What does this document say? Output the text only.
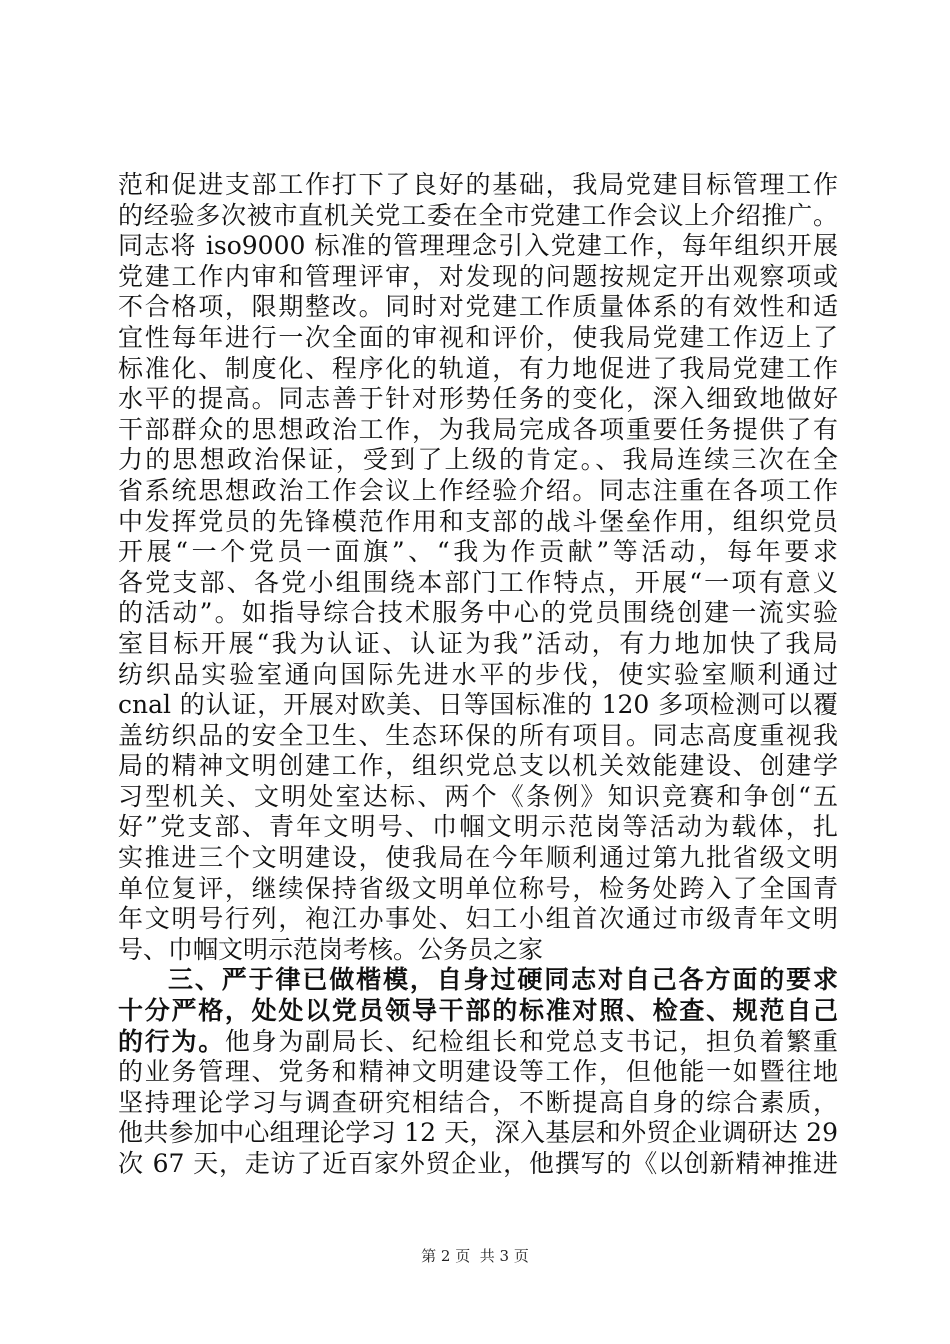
范和促进支部工作打下了良好的基础，我局党建目标管理工作
的经验多次被市直机关党工委在全市党建工作会议上介绍推广。
同志将 iso9000 标准的管理理念引入党建工作，每年组织开展
党建工作内审和管理评审，对发现的问题按规定开出观察项或
不合格项，限期整改。同时对党建工作质量体系的有效性和适
宜性每年进行一次全面的审视和评价，使我局党建工作迈上了
标准化、制度化、程序化的轨道，有力地促进了我局党建工作
水平的提高。同志善于针对形势任务的变化，深入细致地做好
干部群众的思想政治工作，为我局完成各项重要任务提供了有
力的思想政治保证，受到了上级的肯定。、我局连续三次在全
省系统思想政治工作会议上作经验介绍。同志注重在各项工作
中发挥党员的先锋模范作用和支部的战斗堡垒作用，组织党员
开展“一个党员一面旗”、“我为作贡献”等活动，每年要求
各党支部、各党小组围绕本部门工作特点，开展“一项有意义
的活动”。如指导综合技术服务中心的党员围绕创建一流实验
室目标开展“我为认证、认证为我”活动，有力地加快了我局
纺织品实验室通向国际先进水平的步伐，使实验室顺利通过
cnal 的认证，开展对欧美、日等国标准的 120 多项检测可以覆
盖纺织品的安全卫生、生态环保的所有项目。同志高度重视我
局的精神文明创建工作，组织党总支以机关效能建设、创建学
习型机关、文明处室达标、两个《条例》知识竞赛和争创“五
好”党支部、青年文明号、巾帼文明示范岗等活动为载体，扎
实推进三个文明建设，使我局在今年顺利通过第九批省级文明
单位复评，继续保持省级文明单位称号，检务处跨入了全国青
年文明号行列，袍江办事处、妇工小组首次通过市级青年文明
号、巾帼文明示范岗考核。公务员之家
三、严于律已做楷模，自身过硬同志对自己各方面的要求
十分严格，处处以党员领导干部的标准对照、检查、规范自己
的行为。他身为副局长、纪检组长和党总支书记，担负着繁重
的业务管理、党务和精神文明建设等工作，但他能一如暨往地
坚持理论学习与调查研究相结合，不断提高自身的综合素质，
他共参加中心组理论学习 12 天，深入基层和外贸企业调研达 29
次 67 天，走访了近百家外贸企业，他撰写的《以创新精神推进
第 2 页  共 3 页
